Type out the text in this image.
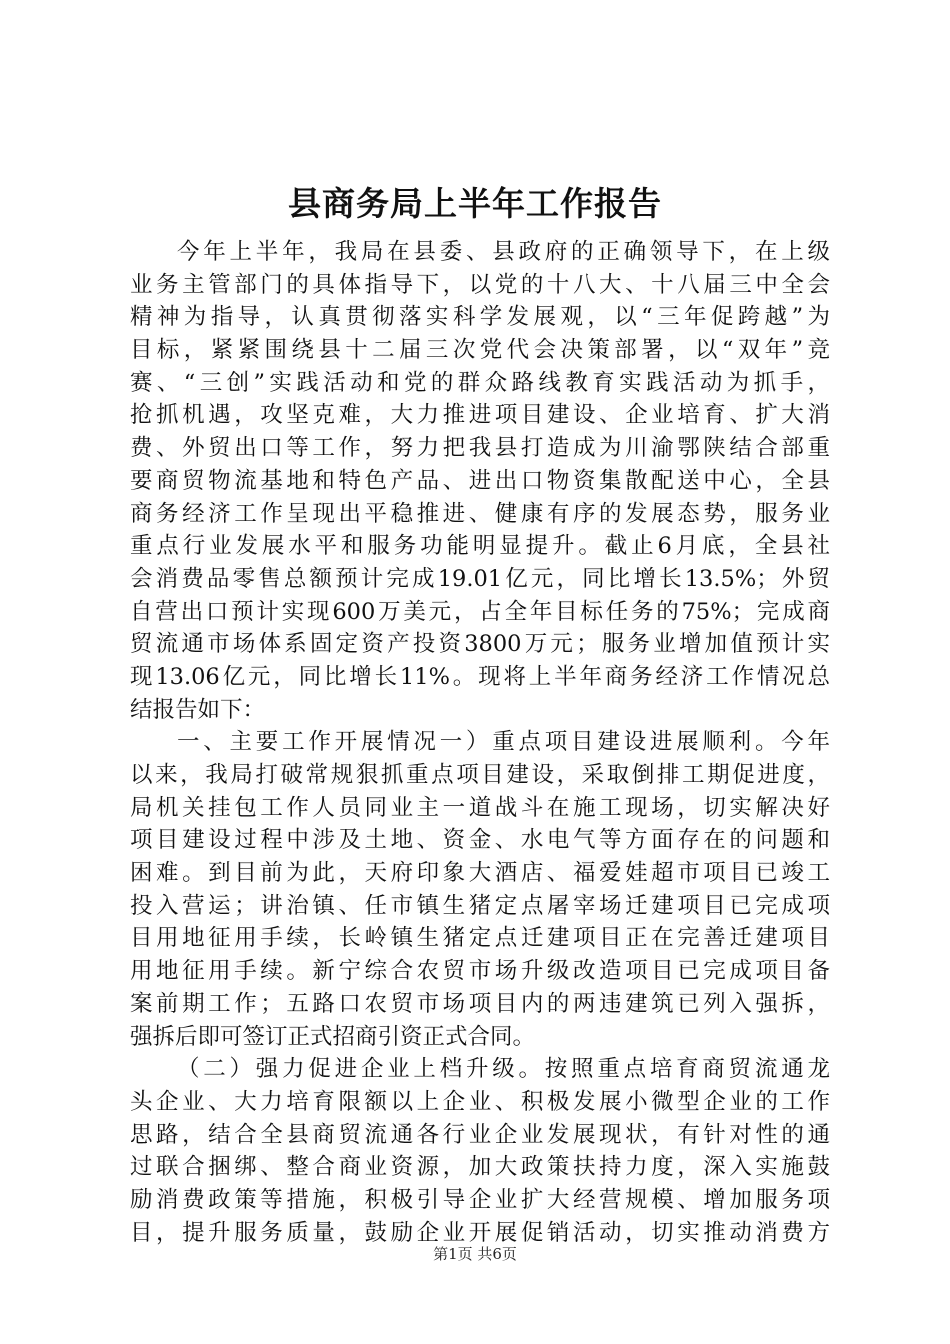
县商务局上半年工作报告
今年上半年，我局在县委、县政府的正确领导下，在上级
业务主管部门的具体指导下，以党的十八大、十八届三中全会
精神为指导，认真贯彻落实科学发展观，以“三年促跨越”为
目标，紧紧围绕县十二届三次党代会决策部署，以“双年”竞
赛、“三创”实践活动和党的群众路线教育实践活动为抓手，
抢抓机遇，攻坚克难，大力推进项目建设、企业培育、扩大消
费、外贸出口等工作，努力把我县打造成为川渝鄂陕结合部重
要商贸物流基地和特色产品、进出口物资集散配送中心，全县
商务经济工作呈现出平稳推进、健康有序的发展态势，服务业
重点行业发展水平和服务功能明显提升。截止6月底，全县社
会消费品零售总额预计完成19.01亿元，同比增长13.5%；外贸
自营出口预计实现600万美元，占全年目标任务的75%；完成商
贸流通市场体系固定资产投资3800万元；服务业增加值预计实
现13.06亿元，同比增长11%。现将上半年商务经济工作情况总
结报告如下：
一、主要工作开展情况一）重点项目建设进展顺利。今年
以来，我局打破常规狠抓重点项目建设，采取倒排工期促进度，
局机关挂包工作人员同业主一道战斗在施工现场，切实解决好
项目建设过程中涉及土地、资金、水电气等方面存在的问题和
困难。到目前为此，天府印象大酒店、福爱娃超市项目已竣工
投入营运；讲治镇、任市镇生猪定点屠宰场迁建项目已完成项
目用地征用手续，长岭镇生猪定点迁建项目正在完善迁建项目
用地征用手续。新宁综合农贸市场升级改造项目已完成项目备
案前期工作；五路口农贸市场项目内的两违建筑已列入强拆，
强拆后即可签订正式招商引资正式合同。
（二）强力促进企业上档升级。按照重点培育商贸流通龙
头企业、大力培育限额以上企业、积极发展小微型企业的工作
思路，结合全县商贸流通各行业企业发展现状，有针对性的通
过联合捆绑、整合商业资源，加大政策扶持力度，深入实施鼓
励消费政策等措施，积极引导企业扩大经营规模、增加服务项
目，提升服务质量，鼓励企业开展促销活动，切实推动消费方
第1页 共6页
